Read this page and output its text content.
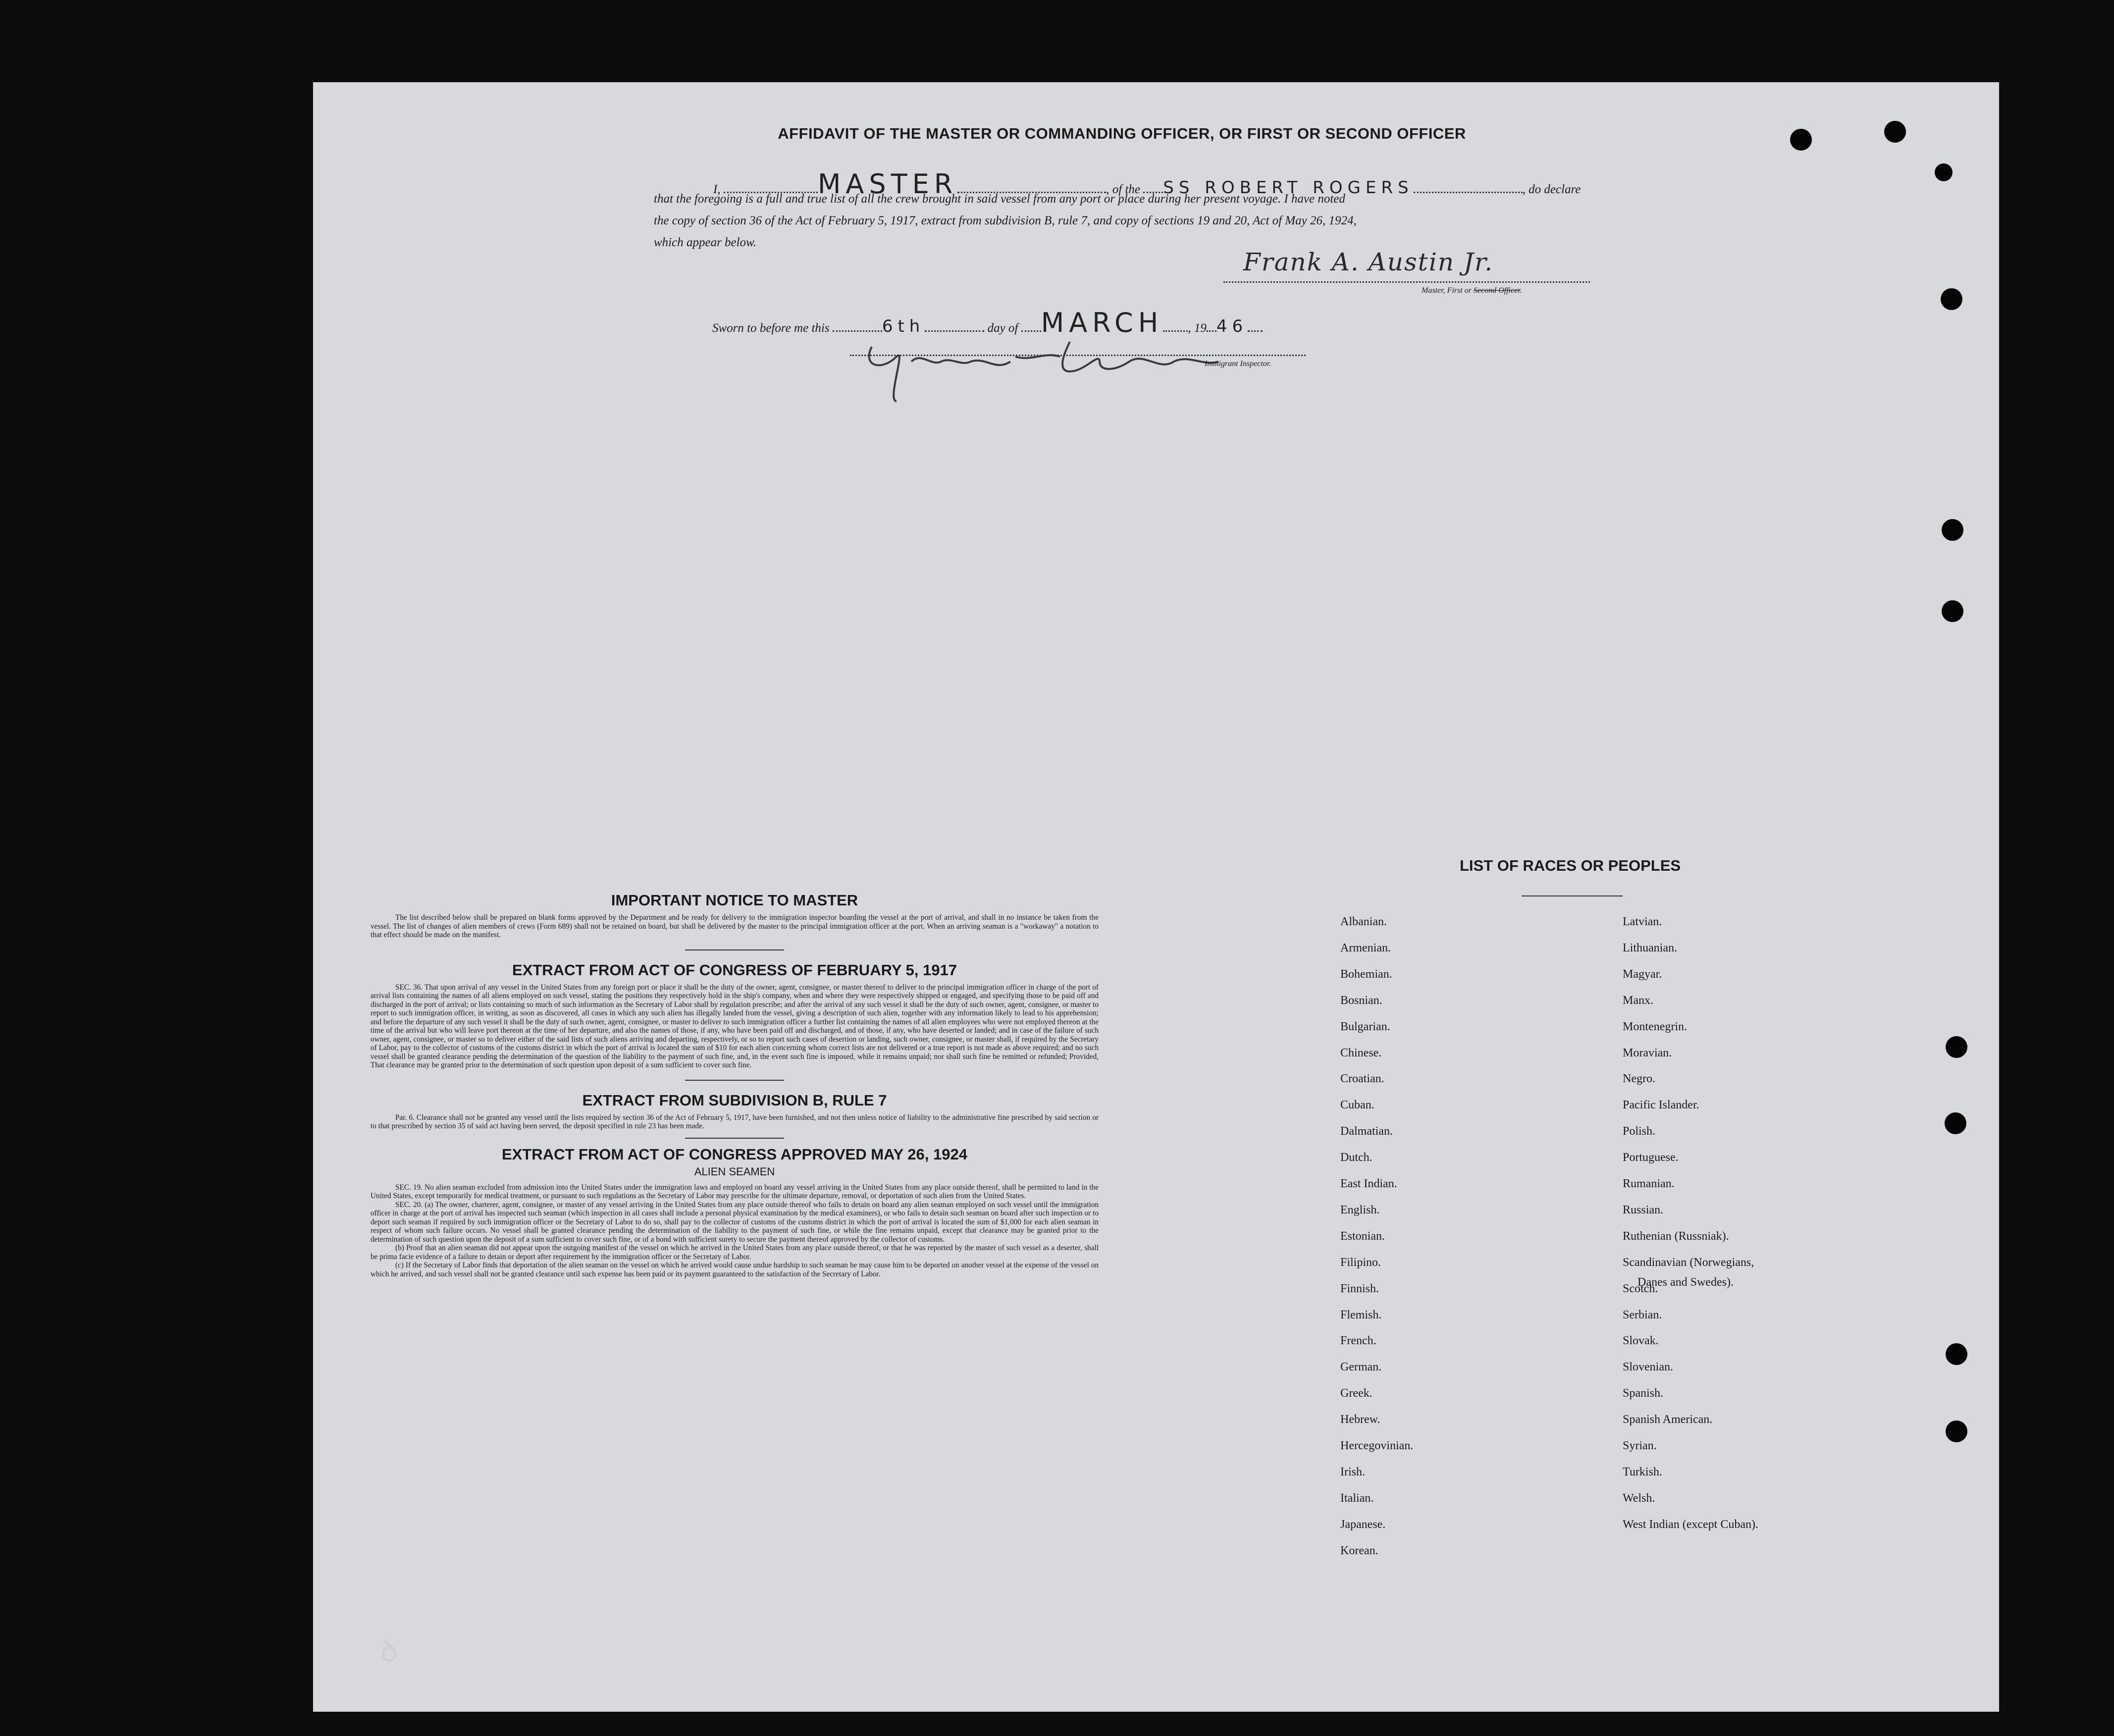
AFFIDAVIT OF THE MASTER OR COMMANDING OFFICER, OR FIRST OR SECOND OFFICER
I,	MASTER	, of the SS ROBERT ROGERS	, do declare
that the foregoing is a full and true list of all the crew brought in said vessel from any port or place during her present voyage. I have noted
the copy of section 36 of the Act of February 5, 1917, extract from subdivision B, rule 7, and copy of sections 19 and 20, Act of May 26, 1924,
which appear below.
Frank A. Austin Jr.
Master, First or Second Officer.
Sworn to before me this	6th	day of MARCH , 19 46
Immigrant Inspector.
IMPORTANT NOTICE TO MASTER

The list described below shall be prepared on blank forms approved by the Department and be ready for delivery to the immigration inspector boarding the vessel at the port of arrival, and shall in no instance be taken from the vessel. The list of changes of alien members of crews (Form 689) shall not be retained on board, but shall be delivered by the master to the principal immigration officer at the port. When an arriving seaman is a "workaway" a notation to that effect should be made on the manifest.

EXTRACT FROM ACT OF CONGRESS OF FEBRUARY 5, 1917

SEC. 36. That upon arrival of any vessel in the United States from any foreign port or place it shall be the duty of the owner, agent, consignee, or master thereof to deliver to the principal immigration officer in charge of the port of arrival lists containing the names of all aliens employed on such vessel, stating the positions they respectively hold in the ship's company, when and where they were respectively shipped or engaged, and specifying those to be paid off and discharged in the port of arrival; or lists containing so much of such information as the Secretary of Labor shall by regulation prescribe; and after the arrival of any such vessel it shall be the duty of such owner, agent, consignee, or master to report to such immigration officer, in writing, as soon as discovered, all cases in which any such alien has illegally landed from the vessel, giving a description of such alien, together with any information likely to lead to his apprehension; and before the departure of any such vessel it shall be the duty of such owner, agent, consignee, or master to deliver to such immigration officer a further list containing the names of all alien employees who were not employed thereon at the time of the arrival but who will leave port thereon at the time of her departure, and also the names of those, if any, who have been paid off and discharged, and of those, if any, who have deserted or landed; and in case of the failure of such owner, agent, consignee, or master so to deliver either of the said lists of such aliens arriving and departing, respectively, or so to report such cases of desertion or landing, such owner, consignee, or master shall, if required by the Secretary of Labor, pay to the collector of customs of the customs district in which the port of arrival is located the sum of $10 for each alien concerning whom correct lists are not delivered or a true report is not made as above required; and no such vessel shall be granted clearance pending the determination of the question of the liability to the payment of such fine, and, in the event such fine is imposed, while it remains unpaid; nor shall such fine be remitted or refunded; Provided, That clearance may be granted prior to the determination of such question upon deposit of a sum sufficient to cover such fine.

EXTRACT FROM SUBDIVISION B, RULE 7

Par. 6. Clearance shall not be granted any vessel until the lists required by section 36 of the Act of February 5, 1917, have been furnished, and not then unless notice of liability to the administrative fine prescribed by said section or to that prescribed by section 35 of said act having been served, the deposit specified in rule 23 has been made.

EXTRACT FROM ACT OF CONGRESS APPROVED MAY 26, 1924
ALIEN SEAMEN

SEC. 19. No alien seaman excluded from admission into the United States under the immigration laws and employed on board any vessel arriving in the United States from any place outside thereof, shall be permitted to land in the United States, except temporarily for medical treatment, or pursuant to such regulations as the Secretary of Labor may prescribe for the ultimate departure, removal, or deportation of such alien from the United States.

SEC. 20. (a) The owner, charterer, agent, consignee, or master of any vessel arriving in the United States from any place outside thereof who fails to detain on board any alien seaman employed on such vessel until the immigration officer in charge at the port of arrival has inspected such seaman (which inspection in all cases shall include a personal physical examination by the medical examiners), or who fails to detain such seaman on board after such inspection or to deport such seaman if required by such immigration officer or the Secretary of Labor to do so, shall pay to the collector of customs of the customs district in which the port of arrival is located the sum of $1,000 for each alien seaman in respect of whom such failure occurs. No vessel shall be granted clearance pending the determination of the liability to the payment of such fine, or while the fine remains unpaid, except that clearance may be granted prior to the determination of such question upon the deposit of a sum sufficient to cover such fine, or of a bond with sufficient surety to secure the payment thereof approved by the collector of customs.

(b) Proof that an alien seaman did not appear upon the outgoing manifest of the vessel on which he arrived in the United States from any place outside thereof, or that he was reported by the master of such vessel as a deserter, shall be prima facie evidence of a failure to detain or deport after requirement by the immigration officer or the Secretary of Labor.

(c) If the Secretary of Labor finds that deportation of the alien seaman on the vessel on which he arrived would cause undue hardship to such seaman he may cause him to be deported on another vessel at the expense of the vessel on which he arrived, and such vessel shall not be granted clearance until such expense has been paid or its payment guaranteed to the satisfaction of the Secretary of Labor.

LIST OF RACES OR PEOPLES
Albanian.
Armenian.
Bohemian.
Bosnian.
Bulgarian.
Chinese.
Croatian.
Cuban.
Dalmatian.
Dutch.
East Indian.
English.
Estonian.
Filipino.
Finnish.
Flemish.
French.
German.
Greek.
Hebrew.
Hercegovinian.
Irish.
Italian.
Japanese.
Korean.
Latvian.
Lithuanian.
Magyar.
Manx.
Montenegrin.
Moravian.
Negro.
Pacific Islander.
Polish.
Portuguese.
Rumanian.
Russian.
Ruthenian (Russniak).
Scandinavian (Norwegians,
Danes and Swedes).
Scotch.
Serbian.
Slovak.
Slovenian.
Spanish.
Spanish American.
Syrian.
Turkish.
Welsh.
West Indian (except Cuban).
ꝺ
